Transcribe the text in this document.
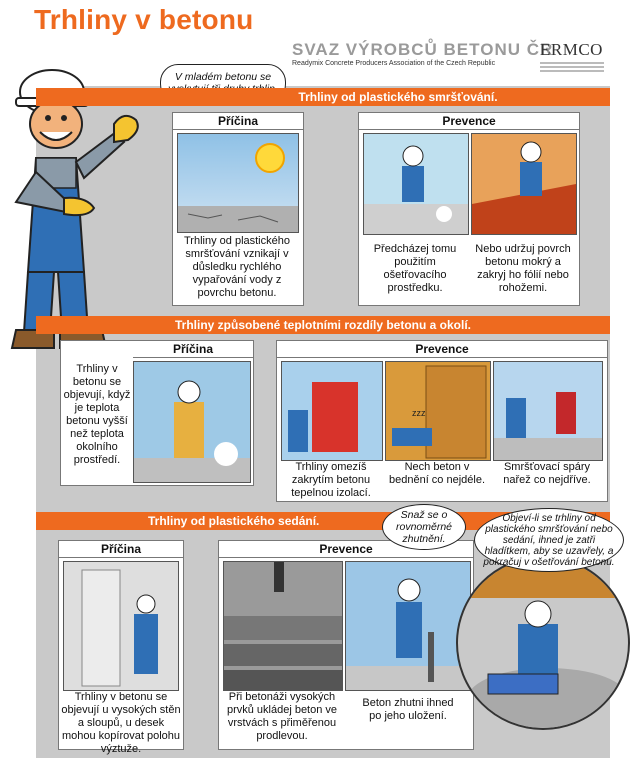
Trhliny v betonu
SVAZ VÝROBCŮ BETONU ČR
Readymix Concrete Producers Association of the Czech Republic
ERMCO
V mladém betonu se
Trhliny od plastického smršťování.
Příčina
Trhliny od plastického smršťování vznikají v důsledku rychlého vypařování vody z povrchu betonu.
Prevence
Předcházej tomu použitím ošetřovacího prostředku.
Nebo udržuj povrch betonu mokrý a zakryj ho fólií nebo rohožemi.
Trhliny způsobené teplotními rozdíly betonu a okolí.
Příčina
Trhliny v betonu se objevují, když je teplota betonu vyšší než teplota okolního prostředí.
Prevence
zzz
Trhliny omezíš zakrytím betonu tepelnou izolací.
Nech beton v bednění co nejdéle.
Smršťovací spáry nařež co nejdříve.
Trhliny od plastického sedání.
Příčina
Trhliny v betonu se objevují u vysokých stěn a sloupů, u desek mohou kopírovat polohu výztuže.
Prevence
Při betonáži vysokých prvků ukládej beton ve vrstvách s přiměřenou prodlevou.
Beton zhutni ihned po jeho uložení.
Snaž se o rovnoměrné zhutnění.
Objeví-li se trhliny od plastického smršťování nebo sedání, ihned je zatři hladítkem, aby se uzavřely, a pokračuj v ošetřování betonu.
